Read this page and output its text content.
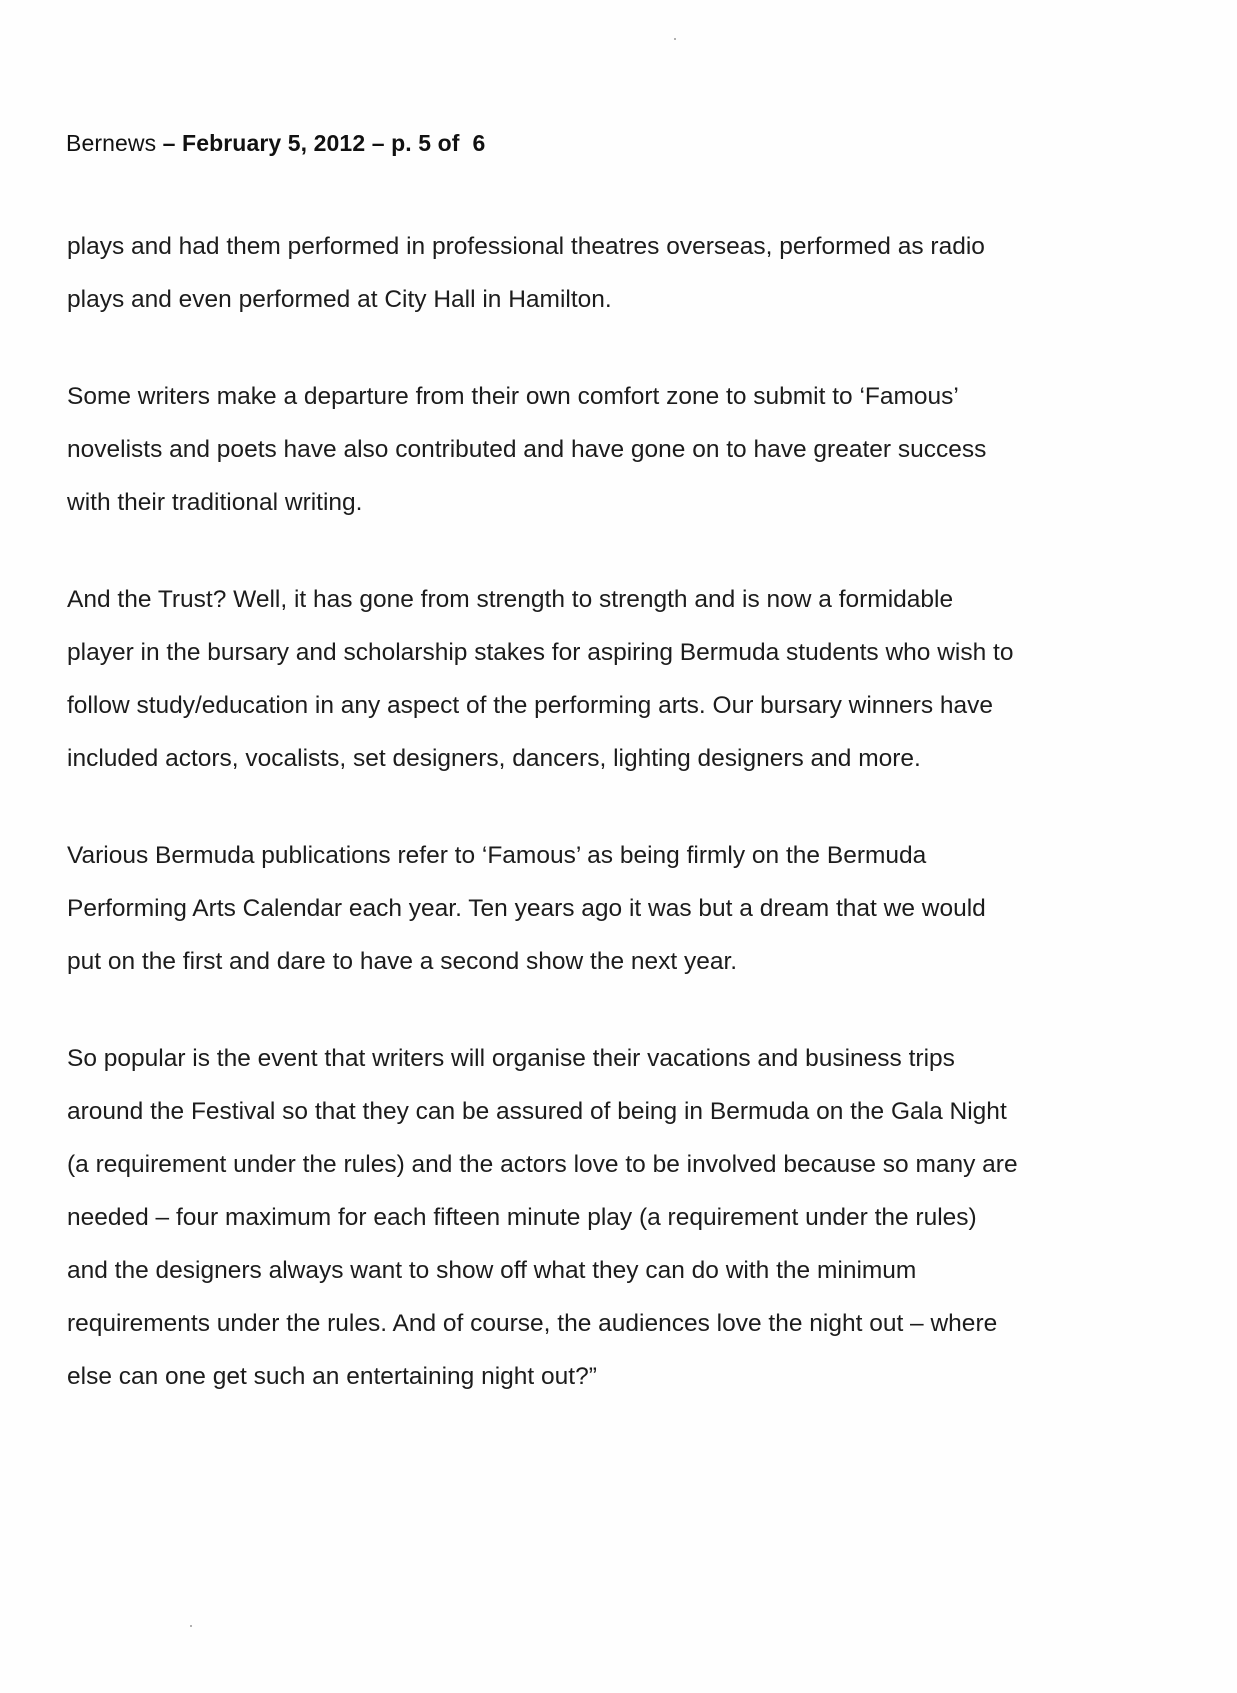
Bernews – February 5, 2012 – p. 5 of  6

plays and had them performed in professional theatres overseas, performed as radio
plays and even performed at City Hall in Hamilton.

Some writers make a departure from their own comfort zone to submit to ‘Famous’
novelists and poets have also contributed and have gone on to have greater success
with their traditional writing.

And the Trust? Well, it has gone from strength to strength and is now a formidable
player in the bursary and scholarship stakes for aspiring Bermuda students who wish to
follow study/education in any aspect of the performing arts. Our bursary winners have
included actors, vocalists, set designers, dancers, lighting designers and more.

Various Bermuda publications refer to ‘Famous’ as being firmly on the Bermuda
Performing Arts Calendar each year. Ten years ago it was but a dream that we would
put on the first and dare to have a second show the next year.

So popular is the event that writers will organise their vacations and business trips
around the Festival so that they can be assured of being in Bermuda on the Gala Night
(a requirement under the rules) and the actors love to be involved because so many are
needed – four maximum for each fifteen minute play (a requirement under the rules)
and the designers always want to show off what they can do with the minimum
requirements under the rules. And of course, the audiences love the night out – where
else can one get such an entertaining night out?”
